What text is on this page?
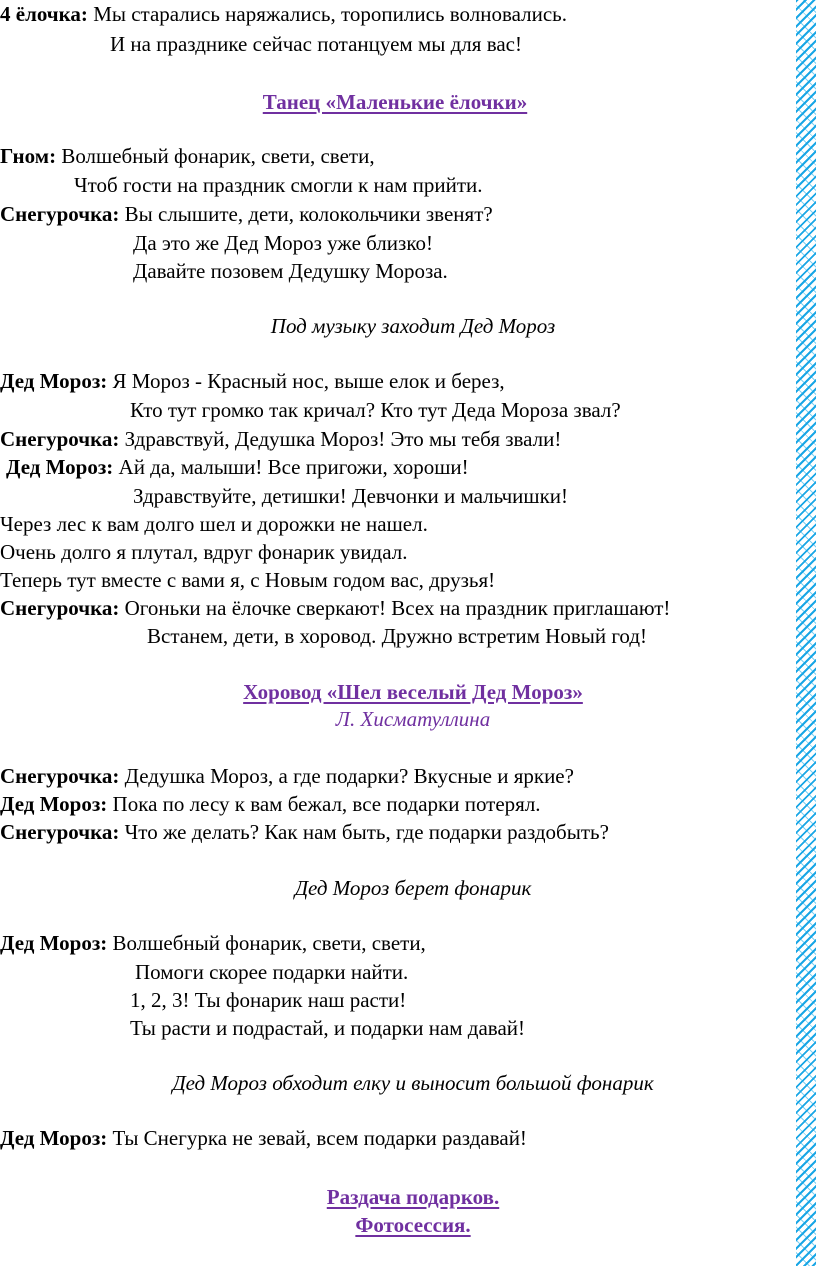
4 ёлочка: Мы старались наряжались, торопились волновались.
И на празднике сейчас потанцуем мы для вас!
Танец «Маленькие ёлочки»
Гном: Волшебный фонарик, свети, свети,
Чтоб гости на праздник смогли к нам прийти.
Снегурочка: Вы слышите, дети, колокольчики звенят?
Да это же Дед Мороз уже близко!
Давайте позовем Дедушку Мороза.
Под музыку заходит Дед Мороз
Дед Мороз: Я Мороз - Красный нос, выше елок и берез,
Кто тут громко так кричал? Кто тут Деда Мороза звал?
Снегурочка: Здравствуй, Дедушка Мороз! Это мы тебя звали!
Дед Мороз: Ай да, малыши! Все пригожи, хороши!
Здравствуйте, детишки! Девчонки и мальчишки!
Через лес к вам долго шел и дорожки не нашел.
Очень долго я плутал, вдруг фонарик увидал.
Теперь тут вместе с вами я, с Новым годом вас, друзья!
Снегурочка: Огоньки на ёлочке сверкают! Всех на праздник приглашают!
Встанем, дети, в хоровод. Дружно встретим Новый год!
Хоровод «Шел веселый Дед Мороз»
Л. Хисматуллина
Снегурочка: Дедушка Мороз, а где подарки? Вкусные и яркие?
Дед Мороз: Пока по лесу к вам бежал, все подарки потерял.
Снегурочка: Что же делать? Как нам быть, где подарки раздобыть?
Дед Мороз берет фонарик
Дед Мороз: Волшебный фонарик, свети, свети,
Помоги скорее подарки найти.
1, 2, 3! Ты фонарик наш расти!
Ты расти и подрастай, и подарки нам давай!
Дед Мороз обходит елку и выносит большой фонарик
Дед Мороз: Ты Снегурка не зевай, всем подарки раздавай!
Раздача подарков.
Фотосессия.
